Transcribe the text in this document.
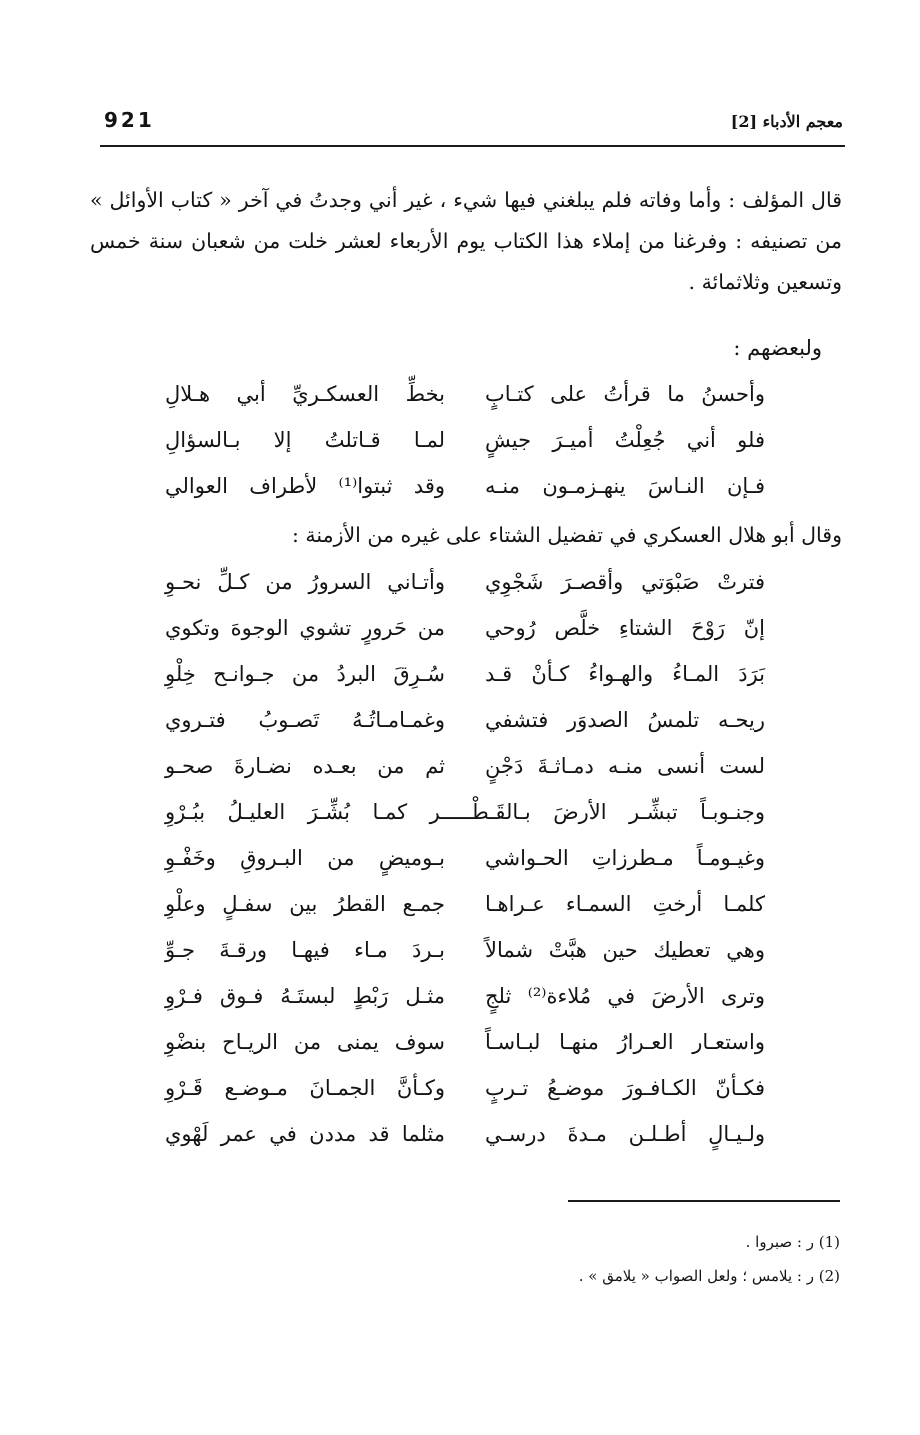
921	معجم الأدباء [2]

قال المؤلف : وأما وفاته فلم يبلغني فيها شيء ، غير أني وجدتُ في آخر « كتاب الأوائل » من تصنيفه : وفرغنا من إملاء هذا الكتاب يوم الأربعاء لعشر خلت من شعبان سنة خمس وتسعين وثلاثمائة .

ولبعضهم :
وأحسنُ ما قرأتُ على كتـابٍ
بخطِّ العسكـريِّ أبي هـلالِ
فلو أني جُعِلْتُ أميـرَ جيشٍ
لمـا قـاتلتُ إلا بـالسؤالِ
فـإن النـاسَ ينهـزمـون منـه
وقد ثبتوا⁽¹⁾ لأطراف العوالي
وقال أبو هلال العسكري في تفضيل الشتاء على غيره من الأزمنة :
فترتْ صَبْوَتي وأقصـرَ شَجْوِي
وأتـاني السرورُ من كـلِّ نحـوِ
إنّ رَوْحَ الشتاءِ خلَّص رُوحي
من حَرورٍ تشوي الوجوهَ وتكوي
بَرَدَ المـاءُ والهـواءُ كـأنْ قـد
سُـرِقَ البردُ من جـوانـح خِلْوِ
ريحـه تلمسُ الصدوَر فتشفي
وغمـامـاتُـهُ تَصـوبُ فتـروي
لست أنسى منـه دمـاثـةَ دَجْنٍ
ثم من بعـده نضـارةَ صحـو
وجنـوبـاً تبشِّـر الأرضَ بـالقَـطْـــــر كمـا بُشِّـرَ العليـلُ ببُـرْوِ
وغيـومـاً مـطرزاتِ الحـواشي
بـوميضٍ من البـروقِ وخَفْـوِ
كلمـا أرختِ السمـاء عـراهـا
جمـع القطرُ بين سفـلٍ وعلْوِ
وهي تعطيك حين هبَّتْ شمالاً
بـردَ مـاء فيهـا ورقـةَ جـوِّ
وترى الأرضَ في مُلاءة⁽²⁾ ثلجٍ
مثـل رَبْطٍ لبستَـهُ فـوق فـرْوِ
واستعـار العـرارُ منهـا لبـاسـاً
سوف يمنى من الريـاح بنضْوِ
فكـأنّ الكـافـورَ موضـعُ تـربٍ
وكـأنَّ الجمـانَ مـوضـع قَـرْوِ
ولـيـالٍ أطـلـن مـدةَ درسـي
مثلما قد مددن في عمر لَهْوي
(1) ر : صبروا .
(2) ر : يلامس ؛ ولعل الصواب « يلامق » .
